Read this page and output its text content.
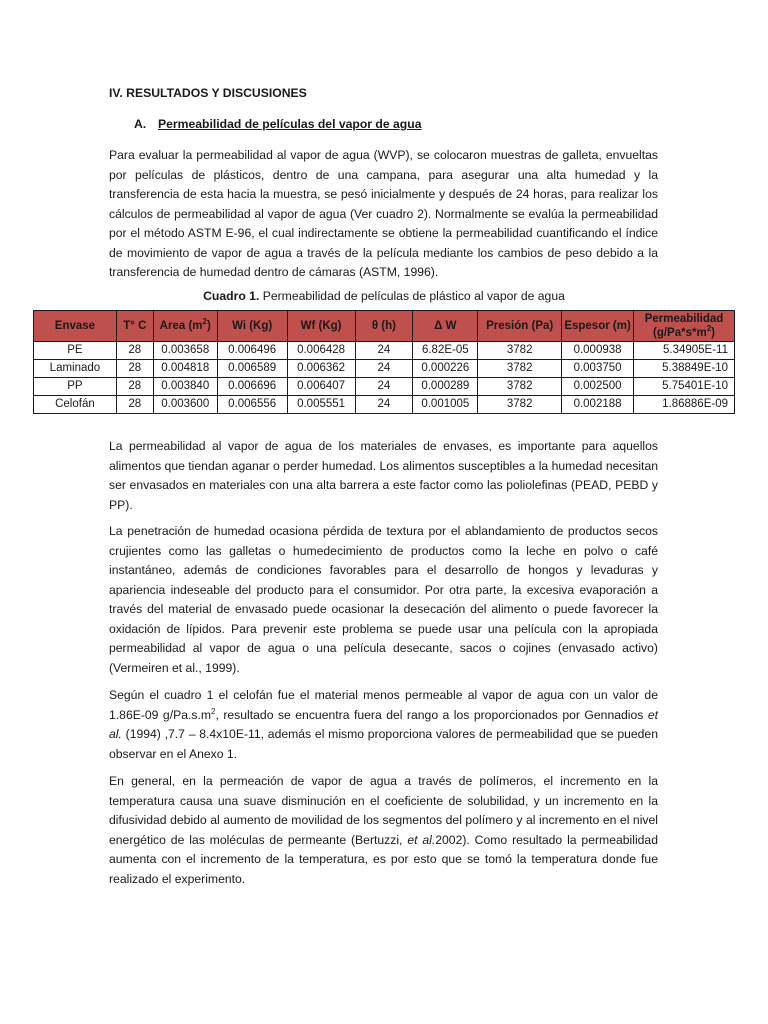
IV. RESULTADOS Y DISCUSIONES
A. Permeabilidad de películas del vapor de agua
Para evaluar la permeabilidad al vapor de agua (WVP), se colocaron muestras de galleta, envueltas por películas de plásticos, dentro de una campana, para asegurar una alta humedad y la transferencia de esta hacia la muestra, se pesó inicialmente y después de 24 horas, para realizar los cálculos de permeabilidad al vapor de agua (Ver cuadro 2). Normalmente se evalúa la permeabilidad por el método ASTM E-96, el cual indirectamente se obtiene la permeabilidad cuantificando el índice de movimiento de vapor de agua a través de la película mediante los cambios de peso debido a la transferencia de humedad dentro de cámaras (ASTM, 1996).
Cuadro 1. Permeabilidad de películas de plástico al vapor de agua
Envase	T° C	Area $(m^2)$	Wi (Kg)	Wf (Kg)	θ (h)	Δ W	Presión (Pa)	Espesor (m)	Permeabilidad $(g/Pa*s*m^2)$
PE	28	0.003658	0.006496	0.006428	24	6.82E-05	3782	0.000938	5.34905E-11
Laminado	28	0.004818	0.006589	0.006362	24	0.000226	3782	0.003750	5.38849E-10
PP	28	0.003840	0.006696	0.006407	24	0.000289	3782	0.002500	5.75401E-10
Celofán	28	0.003600	0.006556	0.005551	24	0.001005	3782	0.002188	1.86886E-09
La permeabilidad al vapor de agua de los materiales de envases, es importante para aquellos alimentos que tiendan aganar o perder humedad. Los alimentos susceptibles a la humedad necesitan ser envasados en materiales con una alta barrera a este factor como las poliolefinas (PEAD, PEBD y PP).
La penetración de humedad ocasiona pérdida de textura por el ablandamiento de productos secos crujientes como las galletas o humedecimiento de productos como la leche en polvo o café instantáneo, además de condiciones favorables para el desarrollo de hongos y levaduras y apariencia indeseable del producto para el consumidor. Por otra parte, la excesiva evaporación a través del material de envasado puede ocasionar la desecación del alimento o puede favorecer la oxidación de lípidos. Para prevenir este problema se puede usar una película con la apropiada permeabilidad al vapor de agua o una película desecante, sacos o cojines (envasado activo) (Vermeiren et al., 1999).
Según el cuadro 1 el celofán fue el material menos permeable al vapor de agua con un valor de 1.86E-09 $g/Pa.s.m^2$, resultado se encuentra fuera del rango a los proporcionados por Gennadios et al. (1994) ,7.7 – 8.4x10E-11, además el mismo proporciona valores de permeabilidad que se pueden observar en el Anexo 1.
En general, en la permeación de vapor de agua a través de polímeros, el incremento en la temperatura causa una suave disminución en el coeficiente de solubilidad, y un incremento en la difusividad debido al aumento de movilidad de los segmentos del polímero y al incremento en el nivel energético de las moléculas de permeante (Bertuzzi, et al.2002). Como resultado la permeabilidad aumenta con el incremento de la temperatura, es por esto que se tomó la temperatura donde fue realizado el experimento.
